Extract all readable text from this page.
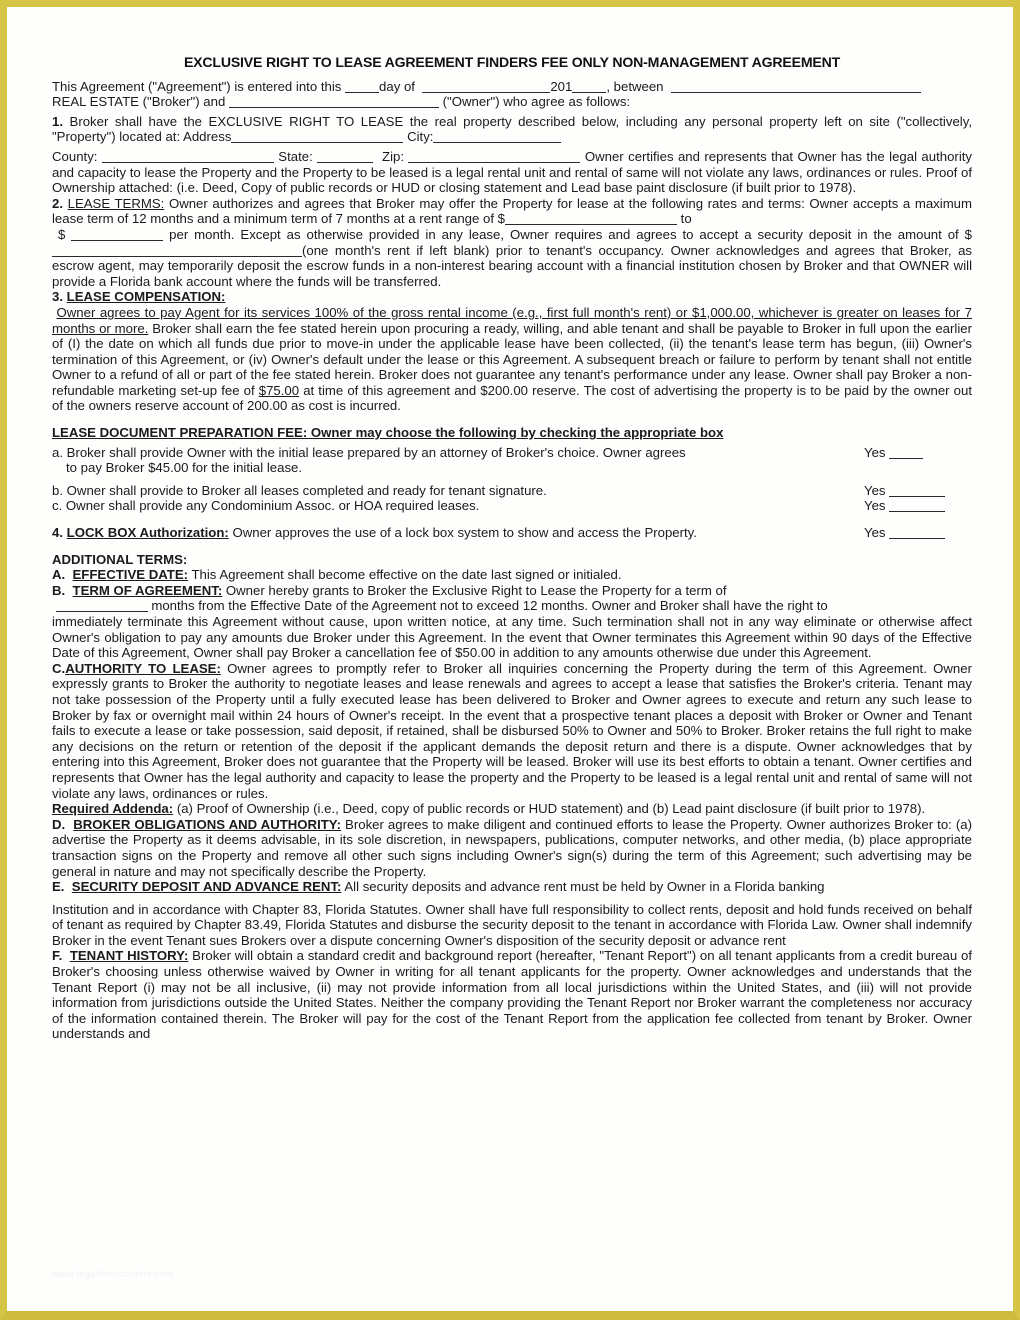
EXCLUSIVE RIGHT TO LEASE AGREEMENT FINDERS FEE ONLY NON-MANAGEMENT AGREEMENT

This Agreement ("Agreement") is entered into this	day of	201	, between

REAL ESTATE ("Broker") and	("Owner") who agree as follows:

1. Broker shall have the EXCLUSIVE RIGHT TO LEASE the real property described below, including any personal property left on site ("collectively, "Property") located at: Address	City:

County:	State:	Zip:	Owner certifies and represents that Owner has the legal authority and capacity to lease the Property and the Property to be leased is a legal rental unit and rental of same will not violate any laws, ordinances or rules. Proof of Ownership attached: (i.e. Deed, Copy of public records or HUD or closing statement and Lead base paint disclosure (if built prior to 1978).

2. LEASE TERMS: Owner authorizes and agrees that Broker may offer the Property for lease at the following rates and terms: Owner accepts a maximum lease term of 12 months and a minimum term of 7 months at a rent range of $	to

$	per month. Except as otherwise provided in any lease, Owner requires and agrees to accept a security deposit in the amount of $ (one month's rent if left blank) prior to tenant's occupancy. Owner acknowledges and agrees that Broker, as escrow agent, may temporarily deposit the escrow funds in a non-interest bearing account with a financial institution chosen by Broker and that OWNER will provide a Florida bank account where the funds will be transferred.

3. LEASE COMPENSATION:

Owner agrees to pay Agent for its services 100% of the gross rental income (e.g., first full month's rent) or $1,000.00, whichever is greater on leases for 7 months or more. Broker shall earn the fee stated herein upon procuring a ready, willing, and able tenant and shall be payable to Broker in full upon the earlier of (I) the date on which all funds due prior to move-in under the applicable lease have been collected, (ii) the tenant's lease term has begun, (iii) Owner's termination of this Agreement, or (iv) Owner's default under the lease or this Agreement. A subsequent breach or failure to perform by tenant shall not entitle Owner to a refund of all or part of the fee stated herein. Broker does not guarantee any tenant's performance under any lease. Owner shall pay Broker a non-refundable marketing set-up fee of $75.00 at time of this agreement and $200.00 reserve. The cost of advertising the property is to be paid by the owner out of the owners reserve account of 200.00 as cost is incurred.

LEASE DOCUMENT PREPARATION FEE: Owner may choose the following by checking the appropriate box

a. Broker shall provide Owner with the initial lease prepared by an attorney of Broker's choice. Owner agrees
to pay Broker $45.00 for the initial lease.
Yes
b. Owner shall provide to Broker all leases completed and ready for tenant signature.	Yes
c. Owner shall provide any Condominium Assoc. or HOA required leases.	Yes
4. LOCK BOX Authorization: Owner approves the use of a lock box system to show and access the Property.	Yes

ADDITIONAL TERMS:

A. EFFECTIVE DATE: This Agreement shall become effective on the date last signed or initialed.

B. TERM OF AGREEMENT: Owner hereby grants to Broker the Exclusive Right to Lease the Property for a term of

months from the Effective Date of the Agreement not to exceed 12 months. Owner and Broker shall have the right to

immediately terminate this Agreement without cause, upon written notice, at any time. Such termination shall not in any way eliminate or otherwise affect Owner's obligation to pay any amounts due Broker under this Agreement. In the event that Owner terminates this Agreement within 90 days of the Effective Date of this Agreement, Owner shall pay Broker a cancellation fee of $50.00 in addition to any amounts otherwise due under this Agreement.

C.AUTHORITY TO LEASE: Owner agrees to promptly refer to Broker all inquiries concerning the Property during the term of this Agreement. Owner expressly grants to Broker the authority to negotiate leases and lease renewals and agrees to accept a lease that satisfies the Broker's criteria. Tenant may not take possession of the Property until a fully executed lease has been delivered to Broker and Owner agrees to execute and return any such lease to Broker by fax or overnight mail within 24 hours of Owner's receipt. In the event that a prospective tenant places a deposit with Broker or Owner and Tenant fails to execute a lease or take possession, said deposit, if retained, shall be disbursed 50% to Owner and 50% to Broker. Broker retains the full right to make any decisions on the return or retention of the deposit if the applicant demands the deposit return and there is a dispute. Owner acknowledges that by entering into this Agreement, Broker does not guarantee that the Property will be leased. Broker will use its best efforts to obtain a tenant. Owner certifies and represents that Owner has the legal authority and capacity to lease the property and the Property to be leased is a legal rental unit and rental of same will not violate any laws, ordinances or rules.

Required Addenda: (a) Proof of Ownership (i.e., Deed, copy of public records or HUD statement) and (b) Lead paint disclosure (if built prior to 1978).

D. BROKER OBLIGATIONS AND AUTHORITY: Broker agrees to make diligent and continued efforts to lease the Property. Owner authorizes Broker to: (a) advertise the Property as it deems advisable, in its sole discretion, in newspapers, publications, computer networks, and other media, (b) place appropriate transaction signs on the Property and remove all other such signs including Owner's sign(s) during the term of this Agreement; such advertising may be general in nature and may not specifically describe the Property.

E. SECURITY DEPOSIT AND ADVANCE RENT: All security deposits and advance rent must be held by Owner in a Florida banking

Institution and in accordance with Chapter 83, Florida Statutes. Owner shall have full responsibility to collect rents, deposit and hold funds received on behalf of tenant as required by Chapter 83.49, Florida Statutes and disburse the security deposit to the tenant in accordance with Florida Law. Owner shall indemnify Broker in the event Tenant sues Brokers over a dispute concerning Owner's disposition of the security deposit or advance rent

F. TENANT HISTORY: Broker will obtain a standard credit and background report (hereafter, "Tenant Report") on all tenant applicants from a credit bureau of Broker's choosing unless otherwise waived by Owner in writing for all tenant applicants for the property. Owner acknowledges and understands that the Tenant Report (i) may not be all inclusive, (ii) may not provide information from all local jurisdictions within the United States, and (iii) will not provide information from jurisdictions outside the United States. Neither the company providing the Tenant Report nor Broker warrant the completeness nor accuracy of the information contained therein. The Broker will pay for the cost of the Tenant Report from the application fee collected from tenant by Broker. Owner understands and

www.legalformsonline.com
